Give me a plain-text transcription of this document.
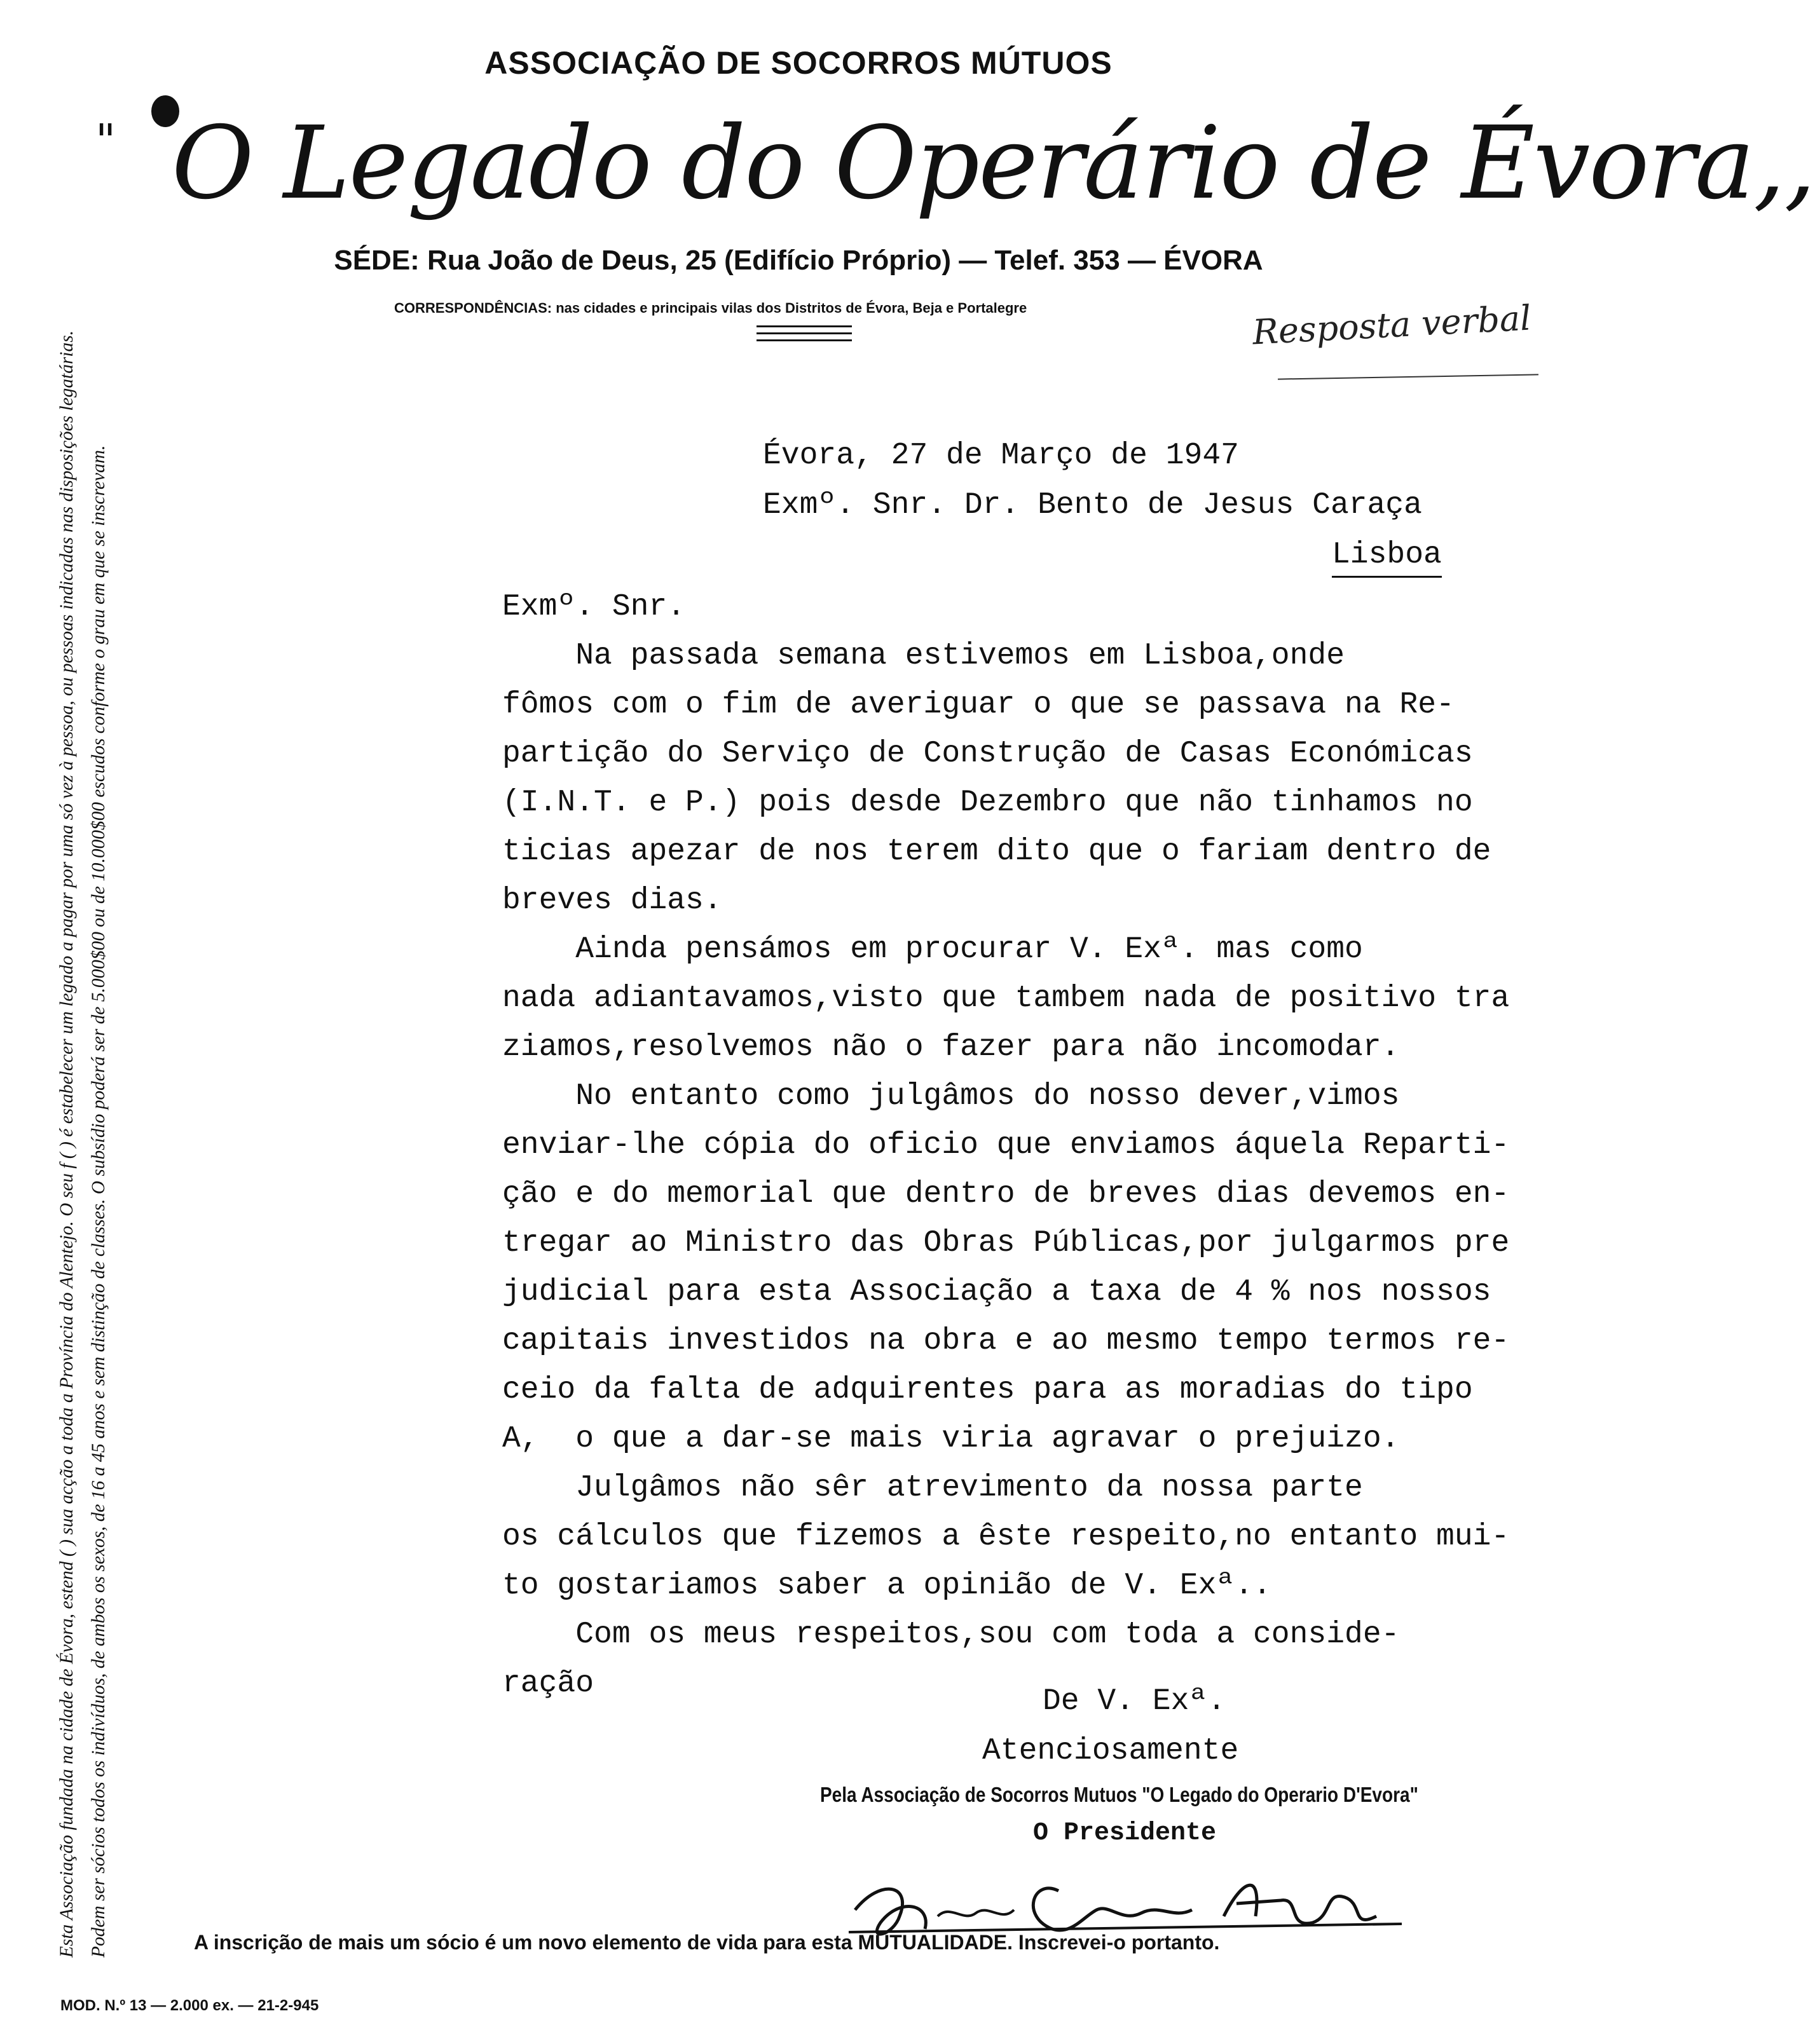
ASSOCIAÇÃO DE SOCORROS MÚTUOS
" O Legado do Operário de Évora,,
SÉDE: Rua João de Deus, 25 (Edifício Próprio) — Telef. 353 — ÉVORA
CORRESPONDÊNCIAS: nas cidades e principais vilas dos Distritos de Évora, Beja e Portalegre	Resposta verbal
Esta Associação fundada na cidade de Évora, estend ( ) sua acção a toda a Província do Alentejo. O seu f ( ) é estabelecer um legado a pagar por uma só vez à pessoa, ou pessoas indicadas nas disposições legatárias. Podem ser sócios todos os indivíduos, de ambos os sexos, de 16 a 45 anos e sem distinção de classes. O subsídio poderá ser de 5.000$00 ou de 10.000$00 escudos conforme o grau em que se inscrevam.	Évora, 27 de Março de 1947
Exmº. Snr. Dr. Bento de Jesus Caraça
Lisboa
Exmº. Snr.
Na passada semana estivemos em Lisboa,onde
fômos com o fim de averiguar o que se passava na Re-
partição do Serviço de Construção de Casas Económicas
(I.N.T. e P.) pois desde Dezembro que não tinhamos no
ticias apezar de nos terem dito que o fariam dentro de
breves dias.
Ainda pensámos em procurar V. Exª. mas como
nada adiantavamos,visto que tambem nada de positivo tra
ziamos,resolvemos não o fazer para não incomodar.
No entanto como julgâmos do nosso dever,vimos
enviar-lhe cópia do oficio que enviamos áquela Reparti-
ção e do memorial que dentro de breves dias devemos en-
tregar ao Ministro das Obras Públicas,por julgarmos pre
judicial para esta Associação a taxa de 4 % nos nossos
capitais investidos na obra e ao mesmo tempo termos re-
ceio da falta de adquirentes para as moradias do tipo
A,  o que a dar-se mais viria agravar o prejuizo.
Julgâmos não sêr atrevimento da nossa parte
os cálculos que fizemos a êste respeito,no entanto mui-
to gostariamos saber a opinião de V. Exª..
Com os meus respeitos,sou com toda a conside-
ração
De V. Exª.
Atenciosamente
Pela Associação de Socorros Mutuos "O Legado do Operario D'Evora"
O Presidente
A inscrição de mais um sócio é um novo elemento de vida para esta MUTUALIDADE. Inscrevei-o portanto.
MOD. N.º 13 — 2.000 ex. — 21-2-945
